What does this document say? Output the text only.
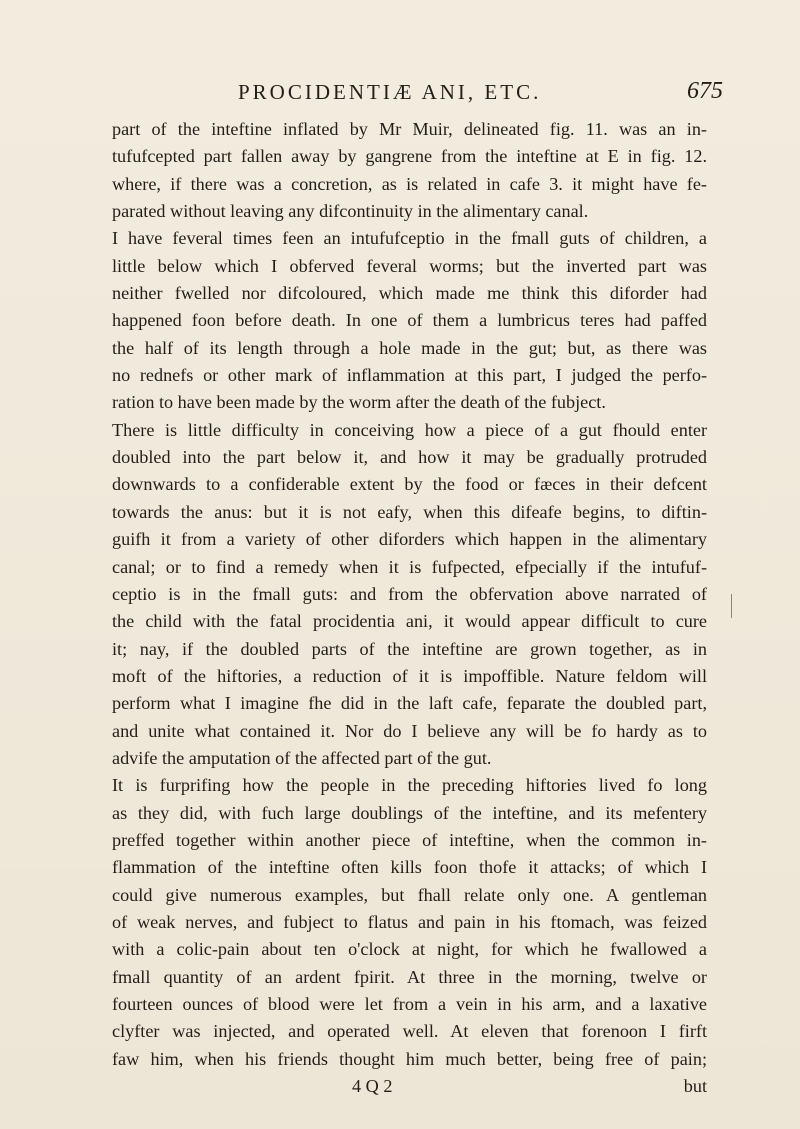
PROCIDENTIÆ ANI, ETC.	675
part of the inteftine inflated by Mr Muir, delineated fig. 11. was an in-
tufufcepted part fallen away by gangrene from the inteftine at E in fig. 12.
where, if there was a concretion, as is related in cafe 3. it might have fe-
parated without leaving any difcontinuity in the alimentary canal.
I have feveral times feen an intufufceptio in the fmall guts of children, a
little below which I obferved feveral worms; but the inverted part was
neither fwelled nor difcoloured, which made me think this diforder had
happened foon before death. In one of them a lumbricus teres had paffed
the half of its length through a hole made in the gut; but, as there was
no rednefs or other mark of inflammation at this part, I judged the perfo-
ration to have been made by the worm after the death of the fubject.
There is little difficulty in conceiving how a piece of a gut fhould enter
doubled into the part below it, and how it may be gradually protruded
downwards to a confiderable extent by the food or fæces in their defcent
towards the anus: but it is not eafy, when this difeafe begins, to diftin-
guifh it from a variety of other diforders which happen in the alimentary
canal; or to find a remedy when it is fufpected, efpecially if the intufuf-
ceptio is in the fmall guts: and from the obfervation above narrated of
the child with the fatal procidentia ani, it would appear difficult to cure
it; nay, if the doubled parts of the inteftine are grown together, as in
moft of the hiftories, a reduction of it is impoffible. Nature feldom will
perform what I imagine fhe did in the laft cafe, feparate the doubled part,
and unite what contained it. Nor do I believe any will be fo hardy as to
advife the amputation of the affected part of the gut.
It is furprifing how the people in the preceding hiftories lived fo long
as they did, with fuch large doublings of the inteftine, and its mefentery
preffed together within another piece of inteftine, when the common in-
flammation of the inteftine often kills foon thofe it attacks; of which I
could give numerous examples, but fhall relate only one. A gentleman
of weak nerves, and fubject to flatus and pain in his ftomach, was feized
with a colic-pain about ten o'clock at night, for which he fwallowed a
fmall quantity of an ardent fpirit. At three in the morning, twelve or
fourteen ounces of blood were let from a vein in his arm, and a laxative
clyfter was injected, and operated well. At eleven that forenoon I firft
faw him, when his friends thought him much better, being free of pain;
4 Q 2	but
